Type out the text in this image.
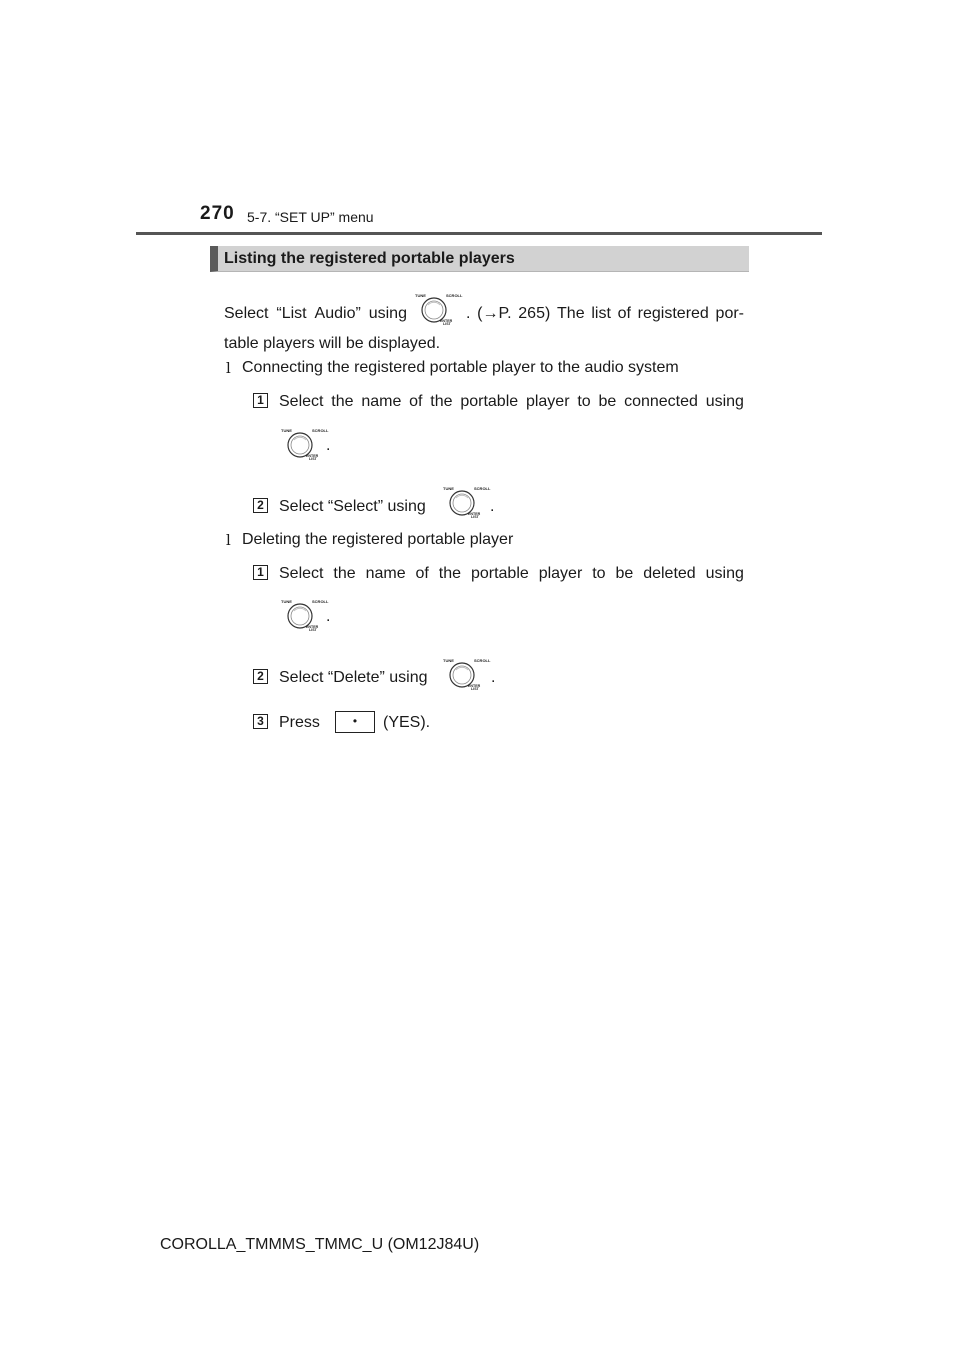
270 5-7. “SET UP” menu
Listing the registered portable players
Select “List Audio” using
TUNE	SCROLL
ENTER
LIST
. (→P. 265) The list of registered por-
table players will be displayed.
l Connecting the registered portable player to the audio system
1 Select the name of the portable player to be connected using
TUNE	SCROLL
ENTER
LIST
.
2 Select “Select” using
TUNE	SCROLL
ENTER
LIST
.
l Deleting the registered portable player
1 Select the name of the portable player to be deleted using
TUNE	SCROLL
ENTER
LIST
.
2 Select “Delete” using
TUNE	SCROLL
ENTER
LIST
.
3 Press	•	(YES).
COROLLA_TMMMS_TMMC_U (OM12J84U)
